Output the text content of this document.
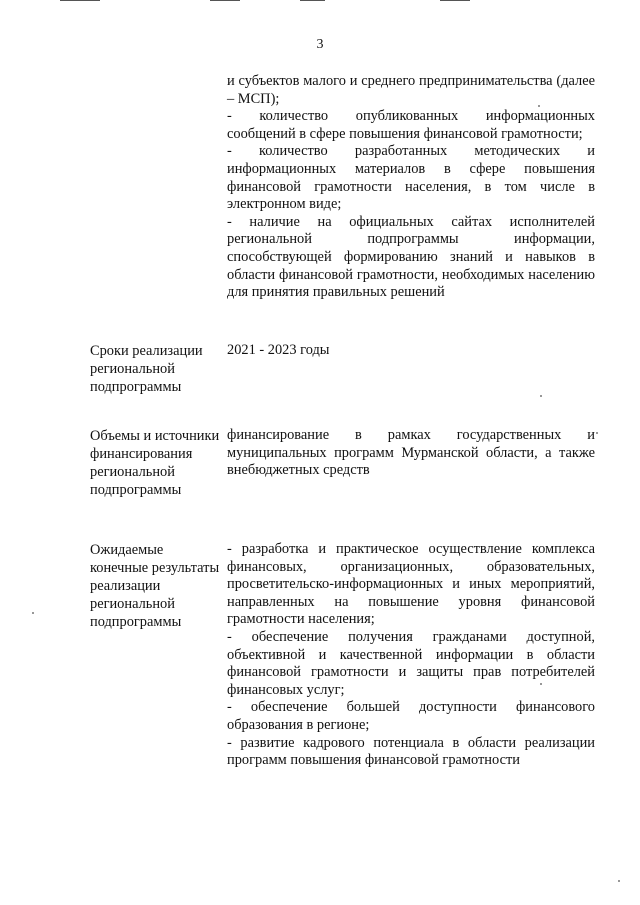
3

и субъектов малого и среднего предпринимательства (далее – МСП);

- количество опубликованных информационных сообщений в сфере повышения финансовой грамотности;

- количество разработанных методических и информационных материалов в сфере повышения финансовой грамотности населения, в том числе в электронном виде;

- наличие на официальных сайтах исполнителей региональной подпрограммы информации, способствующей формированию знаний и навыков в области финансовой грамотности, необходимых населению для принятия правильных решений

Сроки реализации региональной подпрограммы
2021 - 2023 годы
Объемы и источники финансирования региональной подпрограммы
финансирование в рамках государственных и муниципальных программ Мурманской области, а также внебюджетных средств
Ожидаемые конечные результаты реализации региональной подпрограммы

- разработка и практическое осуществление комплекса финансовых, организационных, образовательных, просветительско-информационных и иных мероприятий, направленных на повышение уровня финансовой грамотности населения;

- обеспечение получения гражданами доступной, объективной и качественной информации в области финансовой грамотности и защиты прав потребителей финансовых услуг;

- обеспечение большей доступности финансового образования в регионе;

- развитие кадрового потенциала в области реализации программ повышения финансовой грамотности
